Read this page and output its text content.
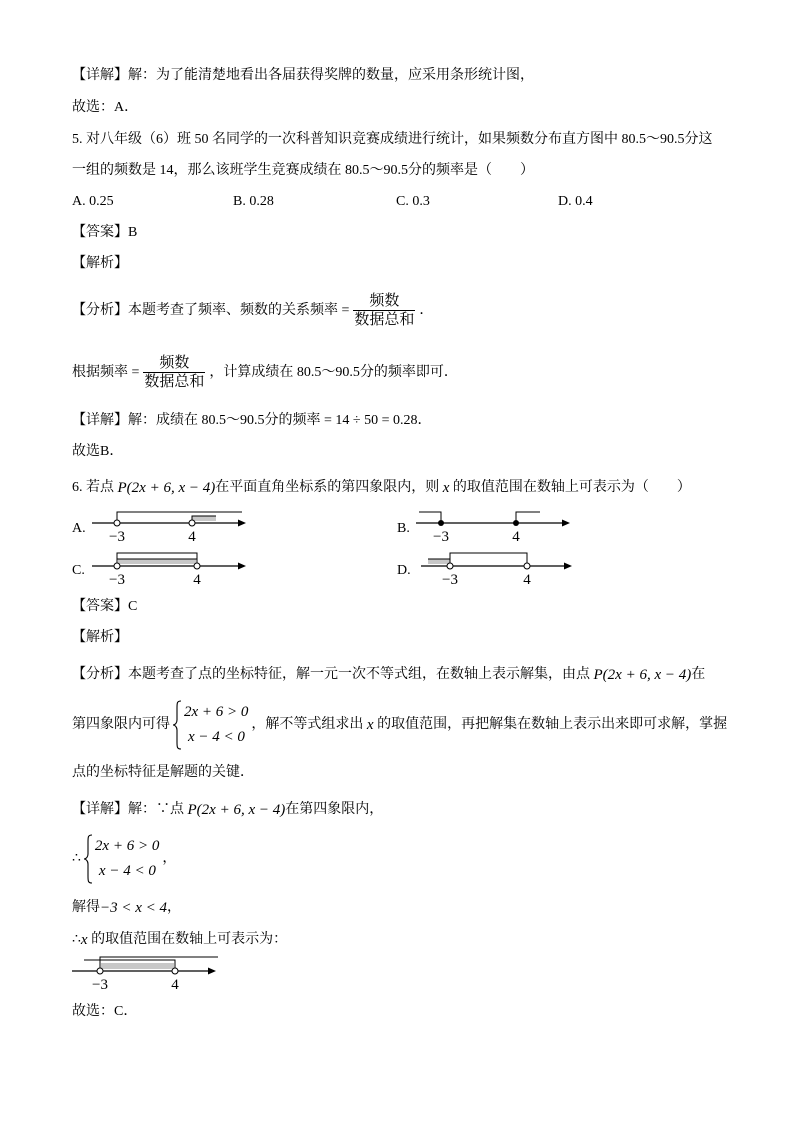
【详解】解：为了能清楚地看出各届获得奖牌的数量，应采用条形统计图，
故选：A．
5. 对八年级（6）班 50 名同学的一次科普知识竞赛成绩进行统计，如果频数分布直方图中 80.5～90.5分这
一组的频数是 14，那么该班学生竞赛成绩在 80.5～90.5分的频率是（　　）
A. 0.25	B. 0.28	C. 0.3	D. 0.4
【答案】B
【解析】
【分析】本题考查了频率、频数的关系频率 = $\frac{\text{频数}}{\text{数据总和}}$ ．
根据频率 = $\frac{\text{频数}}{\text{数据总和}}$ ，计算成绩在 80.5～90.5分的频率即可．
【详解】解：成绩在 80.5～90.5分的频率 = 14 ÷ 50 = 0.28．
故选B．
6. 若点 P(2x + 6, x − 4) 在平面直角坐标系的第四象限内，则 x 的取值范围在数轴上可表示为（　　）
A.	B.
C.	D.
−3	4	−3	4
−3	4	−3	4
【答案】C
【解析】
【分析】本题考查了点的坐标特征，解一元一次不等式组，在数轴上表示解集，由点 P(2x + 6, x − 4) 在
第四象限内可得
2x + 6 > 0
x − 4 < 0
，解不等式组求出 x 的取值范围，再把解集在数轴上表示出来即可求解，掌握
点的坐标特征是解题的关键．
【详解】解：∵点 P(2x + 6, x − 4) 在第四象限内，
∴
2x + 6 > 0
x − 4 < 0
，
解得 −3 < x < 4 ，
∴ x 的取值范围在数轴上可表示为：
−3	4
故选：C．
